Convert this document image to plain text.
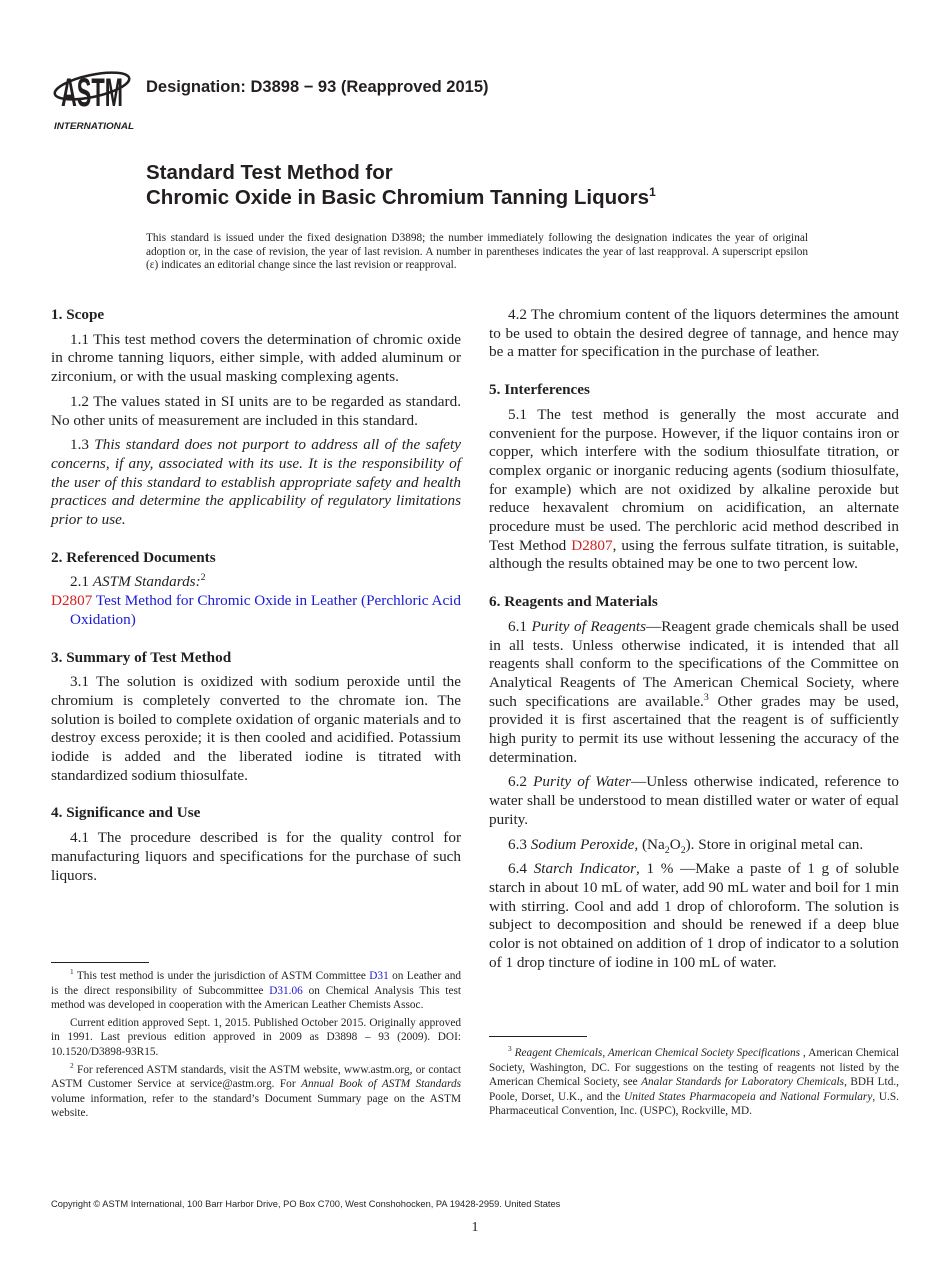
ASTM
INTERNATIONAL
Designation: D3898 − 93 (Reapproved 2015)
Standard Test Method for
Chromic Oxide in Basic Chromium Tanning Liquors$^1$
This standard is issued under the fixed designation D3898; the number immediately following the designation indicates the year of original adoption or, in the case of revision, the year of last revision. A number in parentheses indicates the year of last reapproval. A superscript epsilon (ε) indicates an editorial change since the last revision or reapproval.
1. Scope

1.1 This test method covers the determination of chromic oxide in chrome tanning liquors, either simple, with added aluminum or zirconium, or with the usual masking complexing agents.

1.2 The values stated in SI units are to be regarded as standard. No other units of measurement are included in this standard.

1.3 This standard does not purport to address all of the safety concerns, if any, associated with its use. It is the responsibility of the user of this standard to establish appropriate safety and health practices and determine the applicability of regulatory limitations prior to use.

2. Referenced Documents

2.1 ASTM Standards:$^2$

D2807 Test Method for Chromic Oxide in Leather (Perchloric Acid Oxidation)

3. Summary of Test Method

3.1 The solution is oxidized with sodium peroxide until the chromium is completely converted to the chromate ion. The solution is boiled to complete oxidation of organic materials and to destroy excess peroxide; it is then cooled and acidified. Potassium iodide is added and the liberated iodine is titrated with standardized sodium thiosulfate.

4. Significance and Use

4.1 The procedure described is for the quality control for manufacturing liquors and specifications for the purchase of such liquors.

4.2 The chromium content of the liquors determines the amount to be used to obtain the desired degree of tannage, and hence may be a matter for specification in the purchase of leather.

5. Interferences

5.1 The test method is generally the most accurate and convenient for the purpose. However, if the liquor contains iron or copper, which interfere with the sodium thiosulfate titration, or complex organic or inorganic reducing agents (sodium thiosulfate, for example) which are not oxidized by alkaline peroxide but reduce hexavalent chromium on acidification, an alternate procedure must be used. The perchloric acid method described in Test Method D2807, using the ferrous sulfate titration, is suitable, although the results obtained may be one to two percent low.

6. Reagents and Materials

6.1 Purity of Reagents—Reagent grade chemicals shall be used in all tests. Unless otherwise indicated, it is intended that all reagents shall conform to the specifications of the Committee on Analytical Reagents of The American Chemical Society, where such specifications are available.$^3$ Other grades may be used, provided it is first ascertained that the reagent is of sufficiently high purity to permit its use without lessening the accuracy of the determination.

6.2 Purity of Water—Unless otherwise indicated, reference to water shall be understood to mean distilled water or water of equal purity.

6.3 Sodium Peroxide, $(Na_2O_2)$. Store in original metal can.

6.4 Starch Indicator, 1 % —Make a paste of 1 g of soluble starch in about 10 mL of water, add 90 mL water and boil for 1 min with stirring. Cool and add 1 drop of chloroform. The solution is subject to decomposition and should be renewed if a deep blue color is not obtained on addition of 1 drop of indicator to a solution of 1 drop tincture of iodine in 100 mL of water.

$^1$ This test method is under the jurisdiction of ASTM Committee D31 on Leather and is the direct responsibility of Subcommittee D31.06 on Chemical Analysis This test method was developed in cooperation with the American Leather Chemists Assoc.

Current edition approved Sept. 1, 2015. Published October 2015. Originally approved in 1991. Last previous edition approved in 2009 as D3898 – 93 (2009). DOI: 10.1520/D3898-93R15.

$^2$ For referenced ASTM standards, visit the ASTM website, www.astm.org, or contact ASTM Customer Service at service@astm.org. For Annual Book of ASTM Standards volume information, refer to the standard’s Document Summary page on the ASTM website.

$^3$ Reagent Chemicals, American Chemical Society Specifications , American Chemical Society, Washington, DC. For suggestions on the testing of reagents not listed by the American Chemical Society, see Analar Standards for Laboratory Chemicals, BDH Ltd., Poole, Dorset, U.K., and the United States Pharmacopeia and National Formulary, U.S. Pharmaceutical Convention, Inc. (USPC), Rockville, MD.

Copyright © ASTM International, 100 Barr Harbor Drive, PO Box C700, West Conshohocken, PA 19428-2959. United States
1
